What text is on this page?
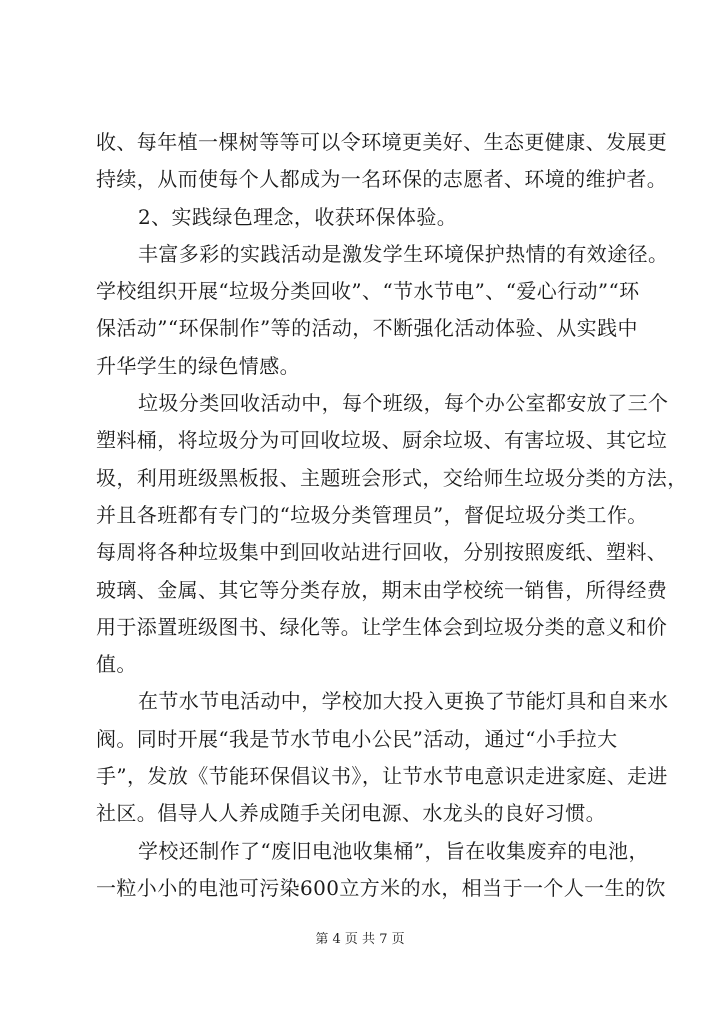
收、每年植一棵树等等可以令环境更美好、生态更健康、发展更
持续，从而使每个人都成为一名环保的志愿者、环境的维护者。
2、实践绿色理念，收获环保体验。
丰富多彩的实践活动是激发学生环境保护热情的有效途径。
学校组织开展“垃圾分类回收”、“节水节电”、“爱心行动”“环
保活动”“环保制作”等的活动，不断强化活动体验、从实践中
升华学生的绿色情感。
垃圾分类回收活动中，每个班级，每个办公室都安放了三个
塑料桶，将垃圾分为可回收垃圾、厨余垃圾、有害垃圾、其它垃
圾，利用班级黑板报、主题班会形式，交给师生垃圾分类的方法，
并且各班都有专门的“垃圾分类管理员”，督促垃圾分类工作。
每周将各种垃圾集中到回收站进行回收，分别按照废纸、塑料、
玻璃、金属、其它等分类存放，期末由学校统一销售，所得经费
用于添置班级图书、绿化等。让学生体会到垃圾分类的意义和价
值。
在节水节电活动中，学校加大投入更换了节能灯具和自来水
阀。同时开展“我是节水节电小公民”活动，通过“小手拉大
手”，发放《节能环保倡议书》，让节水节电意识走进家庭、走进
社区。倡导人人养成随手关闭电源、水龙头的良好习惯。
学校还制作了“废旧电池收集桶”，旨在收集废弃的电池，
一粒小小的电池可污染600立方米的水，相当于一个人一生的饮
第 4 页 共 7 页
